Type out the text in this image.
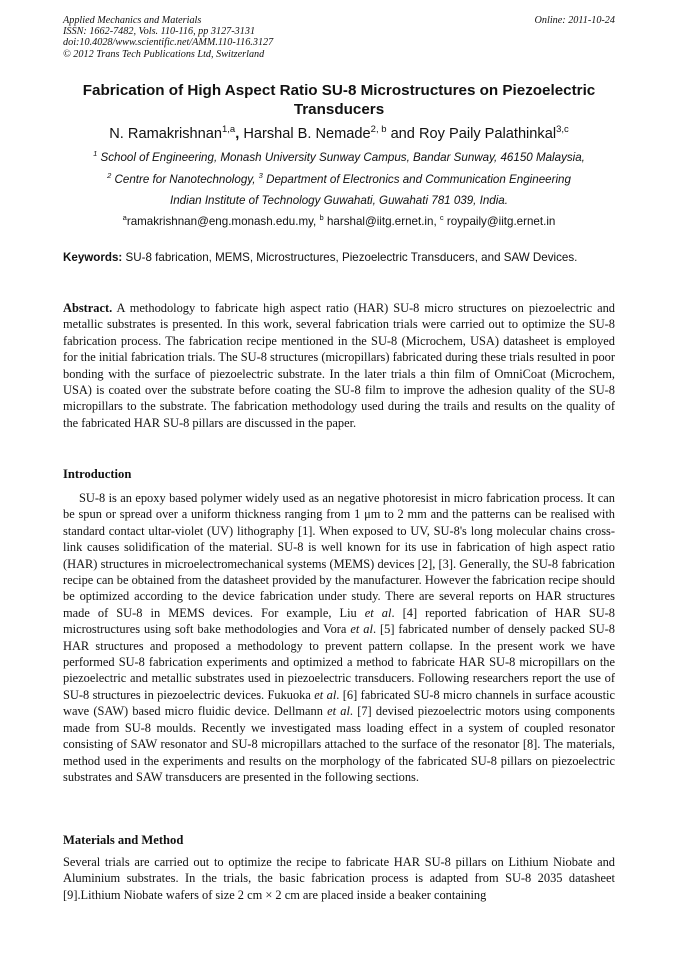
Applied Mechanics and Materials
ISSN: 1662-7482, Vols. 110-116, pp 3127-3131
doi:10.4028/www.scientific.net/AMM.110-116.3127
© 2012 Trans Tech Publications Ltd, Switzerland
Online: 2011-10-24
Fabrication of High Aspect Ratio SU-8 Microstructures on Piezoelectric
Transducers
N. Ramakrishnan$^{1,a}$, Harshal B. Nemade$^{2, b}$ and Roy Paily Palathinkal$^{3,c}$
$^1$ School of Engineering, Monash University Sunway Campus, Bandar Sunway, 46150 Malaysia,
$^2$ Centre for Nanotechnology, $^3$ Department of Electronics and Communication Engineering
Indian Institute of Technology Guwahati, Guwahati 781 039, India.
$^a$ramakrishnan@eng.monash.edu.my, $^b$ harshal@iitg.ernet.in, $^c$ roypaily@iitg.ernet.in
Keywords: SU-8 fabrication, MEMS, Microstructures, Piezoelectric Transducers, and SAW Devices.
Abstract. A methodology to fabricate high aspect ratio (HAR) SU-8 micro structures on piezoelectric and metallic substrates is presented. In this work, several fabrication trials were carried out to optimize the SU-8 fabrication process. The fabrication recipe mentioned in the SU-8 (Microchem, USA) datasheet is employed for the initial fabrication trials. The SU-8 structures (micropillars) fabricated during these trials resulted in poor bonding with the surface of piezoelectric substrate. In the later trials a thin film of OmniCoat (Microchem, USA) is coated over the substrate before coating the SU-8 film to improve the adhesion quality of the SU-8 micropillars to the substrate. The fabrication methodology used during the trails and results on the quality of the fabricated HAR SU-8 pillars are discussed in the paper.
Introduction
SU-8 is an epoxy based polymer widely used as an negative photoresist in micro fabrication process. It can be spun or spread over a uniform thickness ranging from 1 μm to 2 mm and the patterns can be realised with standard contact ultar-violet (UV) lithography [1]. When exposed to UV, SU-8's long molecular chains cross-link causes solidification of the material. SU-8 is well known for its use in fabrication of high aspect ratio (HAR) structures in microelectromechanical systems (MEMS) devices [2], [3]. Generally, the SU-8 fabrication recipe can be obtained from the datasheet provided by the manufacturer. However the fabrication recipe should be optimized according to the device fabrication under study. There are several reports on HAR structures made of SU-8 in MEMS devices. For example, Liu et al. [4] reported fabrication of HAR SU-8 microstructures using soft bake methodologies and Vora et al. [5] fabricated number of densely packed SU-8 HAR structures and proposed a methodology to prevent pattern collapse. In the present work we have performed SU-8 fabrication experiments and optimized a method to fabricate HAR SU-8 micropillars on the piezoelectric and metallic substrates used in piezoelectric transducers. Following researchers report the use of SU-8 structures in piezoelectric devices. Fukuoka et al. [6] fabricated SU-8 micro channels in surface acoustic wave (SAW) based micro fluidic device. Dellmann et al. [7] devised piezoelectric motors using components made from SU-8 moulds. Recently we investigated mass loading effect in a system of coupled resonator consisting of SAW resonator and SU-8 micropillars attached to the surface of the resonator [8]. The materials, method used in the experiments and results on the morphology of the fabricated SU-8 pillars on piezoelectric substrates and SAW transducers are presented in the following sections.
Materials and Method
Several trials are carried out to optimize the recipe to fabricate HAR SU-8 pillars on Lithium Niobate and Aluminium substrates. In the trials, the basic fabrication process is adapted from SU-8 2035 datasheet [9].Lithium Niobate wafers of size 2 cm × 2 cm are placed inside a beaker containing
